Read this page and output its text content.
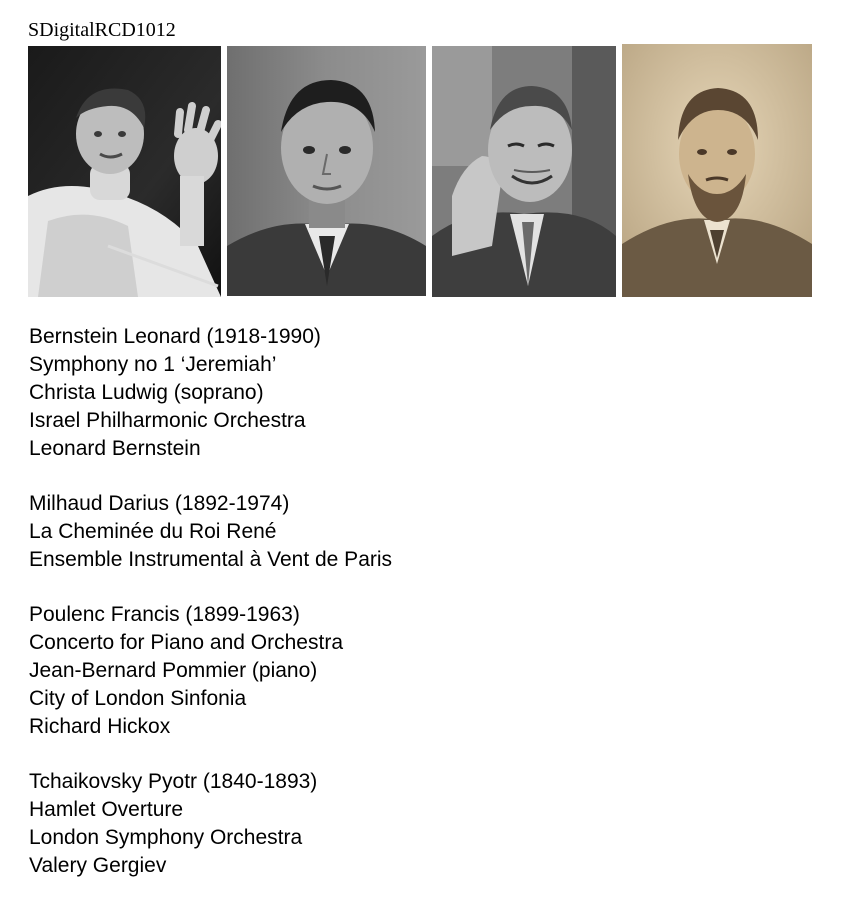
SDigitalRCD1012
Bernstein Leonard (1918-1990)
Symphony no 1 ‘Jeremiah’
Christa Ludwig (soprano)
Israel Philharmonic Orchestra
Leonard Bernstein
Milhaud Darius (1892-1974)
La Cheminée du Roi René
Ensemble Instrumental à Vent de Paris
Poulenc Francis (1899-1963)
Concerto for Piano and Orchestra
Jean-Bernard Pommier (piano)
City of London Sinfonia
Richard Hickox
Tchaikovsky Pyotr (1840-1893)
Hamlet Overture
London Symphony Orchestra
Valery Gergiev
